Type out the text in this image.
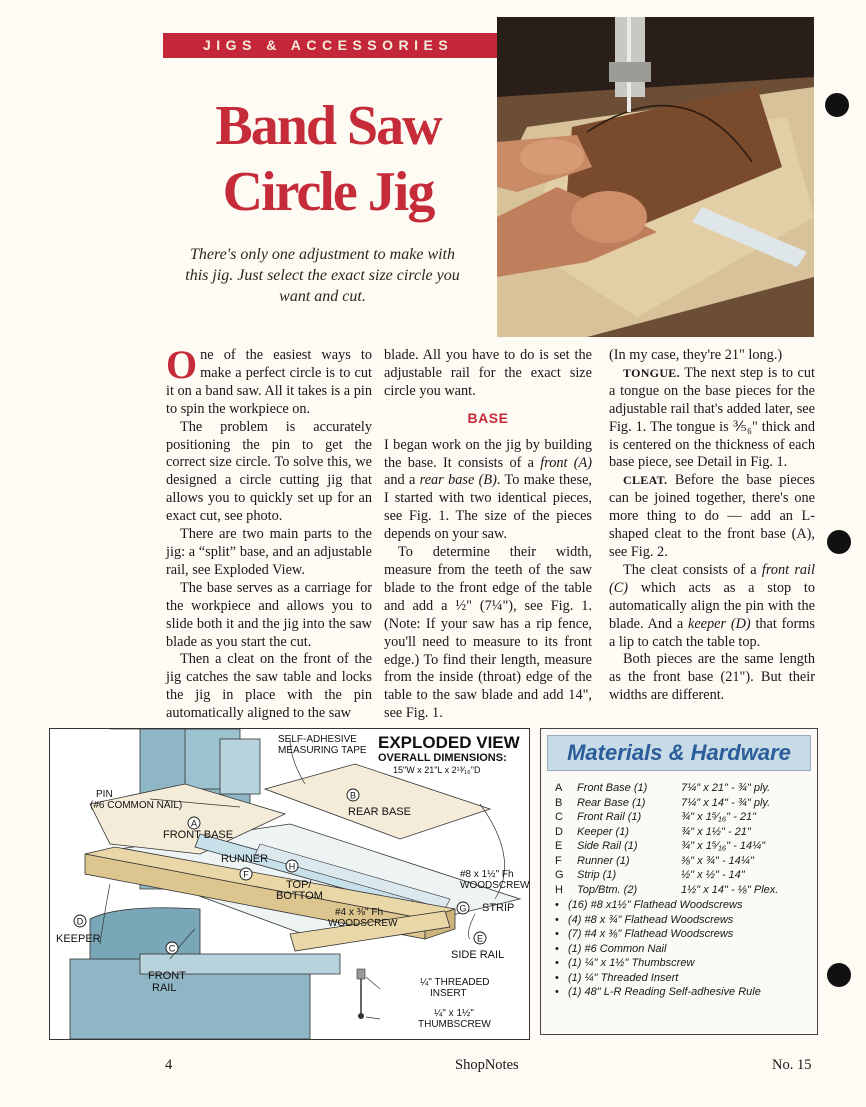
JIGS & ACCESSORIES
Band Saw
Circle Jig
There's only one adjustment to make with this jig. Just select the exact size circle you want and cut.

One of the easiest ways to make a perfect circle is to cut it on a band saw. All it takes is a pin to spin the workpiece on.

The problem is accurately positioning the pin to get the correct size circle. To solve this, we designed a circle cutting jig that allows you to quickly set up for an exact cut, see photo.

There are two main parts to the jig: a “split” base, and an adjustable rail, see Exploded View.

The base serves as a carriage for the workpiece and allows you to slide both it and the jig into the saw blade as you start the cut.

Then a cleat on the front of the jig catches the saw table and locks the jig in place with the pin automatically aligned to the saw

blade. All you have to do is set the adjustable rail for the exact size circle you want.

BASE

I began work on the jig by building the base. It consists of a front (A) and a rear base (B). To make these, I started with two identical pieces, see Fig. 1. The size of the pieces depends on your saw.

To determine their width, measure from the teeth of the saw blade to the front edge of the table and add a ½" (7¼"), see Fig. 1. (Note: If your saw has a rip fence, you'll need to measure to its front edge.) To find their length, measure from the inside (throat) edge of the table to the saw blade and add 14", see Fig. 1.

(In my case, they're 21" long.)

TONGUE. The next step is to cut a tongue on the base pieces for the adjustable rail that's added later, see Fig. 1. The tongue is ⅗₆" thick and is centered on the thickness of each base piece, see Detail in Fig. 1.

CLEAT. Before the base pieces can be joined together, there's one more thing to do — add an L-shaped cleat to the front base (A), see Fig. 2.

The cleat consists of a front rail (C) which acts as a stop to automatically align the pin with the blade. And a keeper (D) that forms a lip to catch the table top.

Both pieces are the same length as the front base (21"). But their widths are different.

A
B
C
D
E
F
G
H
EXPLODED VIEW
OVERALL DIMENSIONS:
15"W x 21"L x 2¹³⁄₁₆"D
SELF-ADHESIVE
MEASURING TAPE
PIN
(#6 COMMON NAIL)
FRONT BASE
REAR BASE
RUNNER
TOP/
BOTTOM
#8 x 1½" Fh
WOODSCREW
#4 x ⅜" Fh
WOODSCREW
STRIP
SIDE RAIL
KEEPER
FRONT
RAIL	¼" THREADED
INSERT
¼" x 1½"
THUMBSCREW
Materials & Hardware
A	Front Base (1)	7¼" x 21" - ¾" ply.
B	Rear Base (1)	7¼" x 14" - ¾" ply.
C	Front Rail (1)	¾" x 1⁵⁄₁₆" - 21"
D	Keeper (1)	¾" x 1½" - 21"
E	Side Rail (1)	¾" x 1⁵⁄₁₆" - 14¼"
F	Runner (1)	⅜" x ¾" - 14¼"
G	Strip (1)	½" x ½" - 14"
H	Top/Btm. (2)	1½" x 14" - ⅛" Plex.
• (16) #8 x1½" Flathead Woodscrews
• (4) #8 x ¾" Flathead Woodscrews
• (7) #4 x ⅜" Flathead Woodscrews
• (1) #6 Common Nail
• (1) ¼" x 1½" Thumbscrew
• (1) ¼" Threaded Insert
• (1) 48" L-R Reading Self-adhesive Rule
4	ShopNotes	No. 15
